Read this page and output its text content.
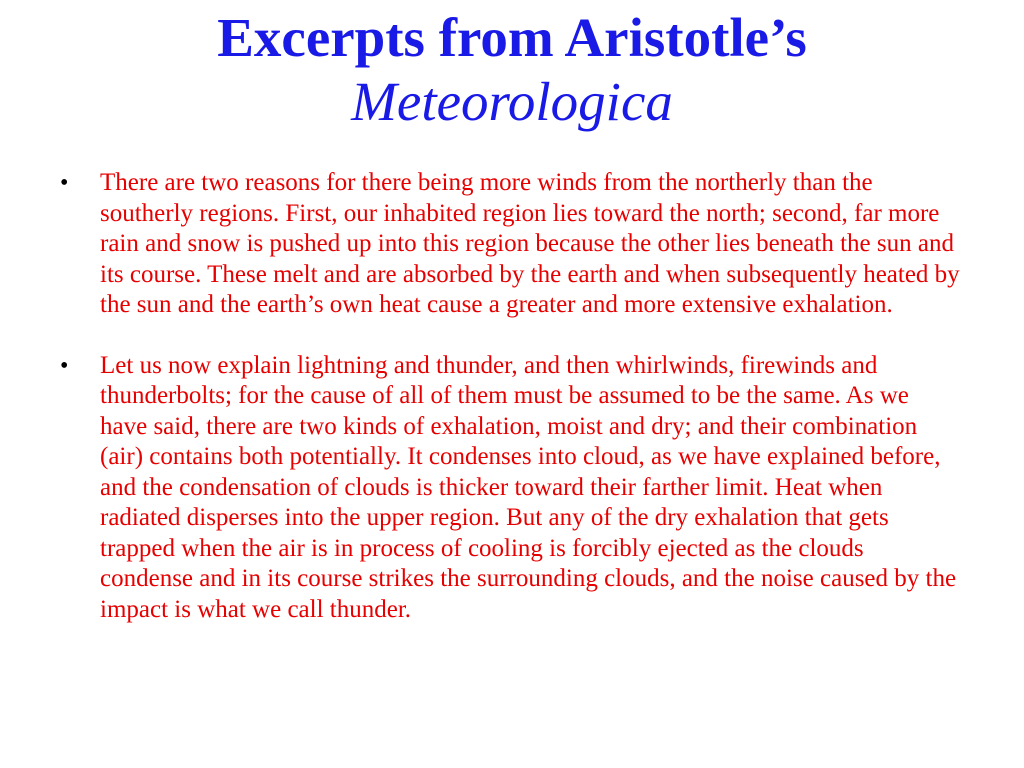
Excerpts from Aristotle’s
Meteorologica
• There are two reasons for there being more winds from the northerly than the southerly regions. First, our inhabited region lies toward the north; second, far more rain and snow is pushed up into this region because the other lies beneath the sun and its course. These melt and are absorbed by the earth and when subsequently heated by the sun and the earth’s own heat cause a greater and more extensive exhalation.
• Let us now explain lightning and thunder, and then whirlwinds, firewinds and thunderbolts; for the cause of all of them must be assumed to be the same. As we have said, there are two kinds of exhalation, moist and dry; and their combination (air) contains both potentially. It condenses into cloud, as we have explained before, and the condensation of clouds is thicker toward their farther limit. Heat when radiated disperses into the upper region. But any of the dry exhalation that gets trapped when the air is in process of cooling is forcibly ejected as the clouds condense and in its course strikes the surrounding clouds, and the noise caused by the impact is what we call thunder.
